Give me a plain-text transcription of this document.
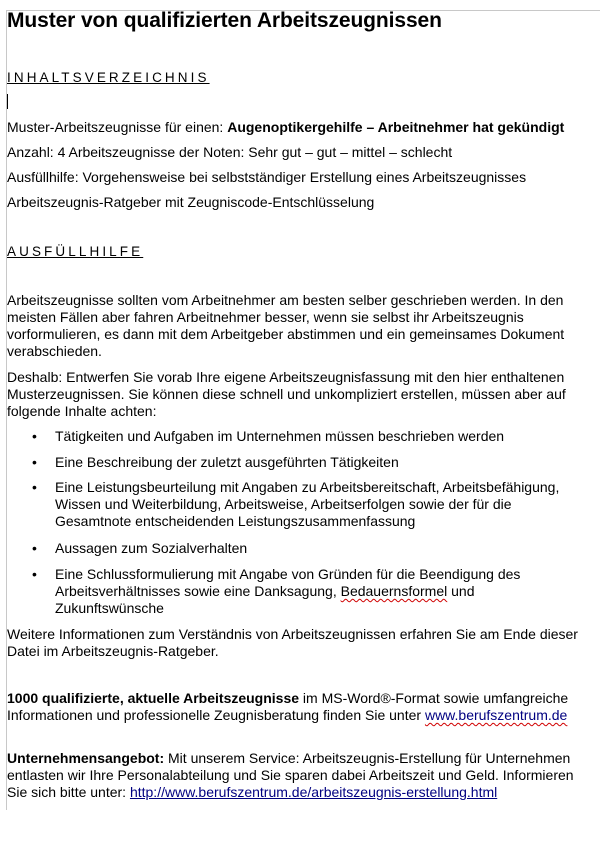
Muster von qualifizierten Arbeitszeugnissen
INHALTSVERZEICHNIS
Muster-Arbeitszeugnisse für einen: Augenoptikergehilfe – Arbeitnehmer hat gekündigt
Anzahl: 4 Arbeitszeugnisse der Noten: Sehr gut – gut – mittel – schlecht
Ausfüllhilfe: Vorgehensweise bei selbstständiger Erstellung eines Arbeitszeugnisses
Arbeitszeugnis-Ratgeber mit Zeugniscode-Entschlüsselung
AUSFÜLLHILFE
Arbeitszeugnisse sollten vom Arbeitnehmer am besten selber geschrieben werden. In den
meisten Fällen aber fahren Arbeitnehmer besser, wenn sie selbst ihr Arbeitszeugnis
vorformulieren, es dann mit dem Arbeitgeber abstimmen und ein gemeinsames Dokument
verabschieden.
Deshalb: Entwerfen Sie vorab Ihre eigene Arbeitszeugnisfassung mit den hier enthaltenen
Musterzeugnissen. Sie können diese schnell und unkompliziert erstellen, müssen aber auf
folgende Inhalte achten:
• Tätigkeiten und Aufgaben im Unternehmen müssen beschrieben werden
• Eine Beschreibung der zuletzt ausgeführten Tätigkeiten
• Eine Leistungsbeurteilung mit Angaben zu Arbeitsbereitschaft, Arbeitsbefähigung,
Wissen und Weiterbildung, Arbeitsweise, Arbeitserfolgen sowie der für die
Gesamtnote entscheidenden Leistungszusammenfassung
• Aussagen zum Sozialverhalten
• Eine Schlussformulierung mit Angabe von Gründen für die Beendigung des
Arbeitsverhältnisses sowie eine Danksagung, Bedauernsformel und
Zukunftswünsche
Weitere Informationen zum Verständnis von Arbeitszeugnissen erfahren Sie am Ende dieser
Datei im Arbeitszeugnis-Ratgeber.
1000 qualifizierte, aktuelle Arbeitszeugnisse im MS-Word®-Format sowie umfangreiche
Informationen und professionelle Zeugnisberatung finden Sie unter www.berufszentrum.de
Unternehmensangebot: Mit unserem Service: Arbeitszeugnis-Erstellung für Unternehmen
entlasten wir Ihre Personalabteilung und Sie sparen dabei Arbeitszeit und Geld. Informieren
Sie sich bitte unter: http://www.berufszentrum.de/arbeitszeugnis-erstellung.html
